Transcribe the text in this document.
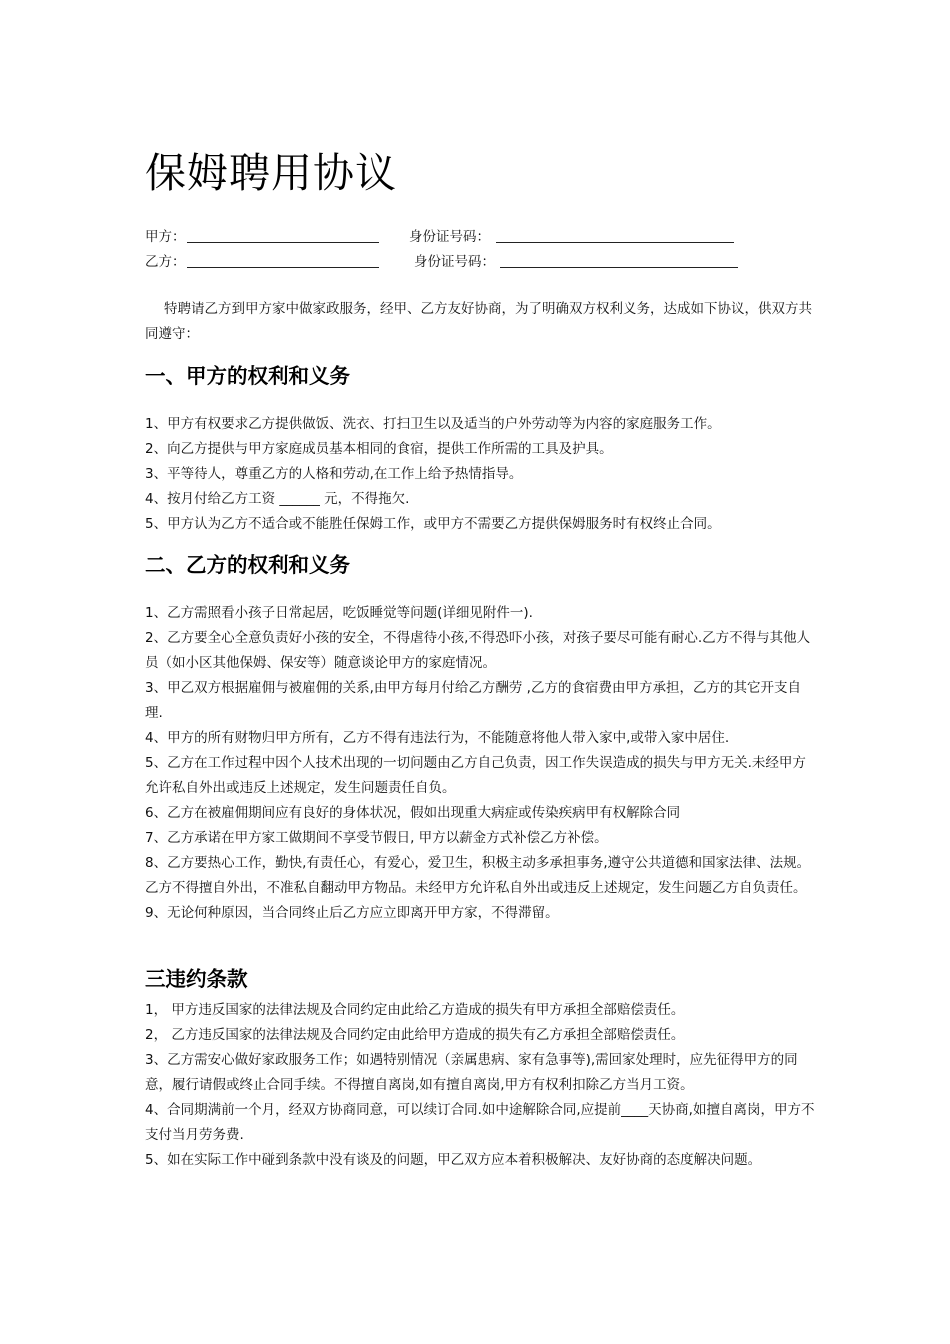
保姆聘用协议
甲方：	身份证号码：
乙方：	身份证号码：

特聘请乙方到甲方家中做家政服务，经甲、乙方友好协商，为了明确双方权利义务，达成如下协议，供双方共同遵守：

一、甲方的权利和义务
1、甲方有权要求乙方提供做饭、洗衣、打扫卫生以及适当的户外劳动等为内容的家庭服务工作。
2、向乙方提供与甲方家庭成员基本相同的食宿，提供工作所需的工具及护具。
3、平等待人，尊重乙方的人格和劳动,在工作上给予热情指导。
4、按月付给乙方工资 ______ 元，不得拖欠.
5、甲方认为乙方不适合或不能胜任保姆工作，或甲方不需要乙方提供保姆服务时有权终止合同。
二、乙方的权利和义务
1、乙方需照看小孩子日常起居，吃饭睡觉等问题(详细见附件一).
2、乙方要全心全意负责好小孩的安全，不得虐待小孩,不得恐吓小孩，对孩子要尽可能有耐心.乙方不得与其他人员（如小区其他保姆、保安等）随意谈论甲方的家庭情况。
3、甲乙双方根据雇佣与被雇佣的关系,由甲方每月付给乙方酬劳 ,乙方的食宿费由甲方承担，乙方的其它开支自理.
4、甲方的所有财物归甲方所有，乙方不得有违法行为，不能随意将他人带入家中,或带入家中居住.
5、乙方在工作过程中因个人技术出现的一切问题由乙方自己负责，因工作失误造成的损失与甲方无关.未经甲方允许私自外出或违反上述规定，发生问题责任自负。
6、乙方在被雇佣期间应有良好的身体状况，假如出现重大病症或传染疾病甲有权解除合同
7、乙方承诺在甲方家工做期间不享受节假日, 甲方以薪金方式补偿乙方补偿。
8、乙方要热心工作，勤快,有责任心，有爱心，爱卫生，积极主动多承担事务,遵守公共道德和国家法律、法规。乙方不得擅自外出，不准私自翻动甲方物品。未经甲方允许私自外出或违反上述规定，发生问题乙方自负责任。
9、无论何种原因，当合同终止后乙方应立即离开甲方家，不得滞留。
三违约条款
1， 甲方违反国家的法律法规及合同约定由此给乙方造成的损失有甲方承担全部赔偿责任。
2， 乙方违反国家的法律法规及合同约定由此给甲方造成的损失有乙方承担全部赔偿责任。
3、乙方需安心做好家政服务工作；如遇特别情况（亲属患病、家有急事等),需回家处理时，应先征得甲方的同意，履行请假或终止合同手续。不得擅自离岗,如有擅自离岗,甲方有权利扣除乙方当月工资。
4、合同期满前一个月，经双方协商同意，可以续订合同.如中途解除合同,应提前____天协商,如擅自离岗，甲方不支付当月劳务费.
5、如在实际工作中碰到条款中没有谈及的问题，甲乙双方应本着积极解决、友好协商的态度解决问题。
